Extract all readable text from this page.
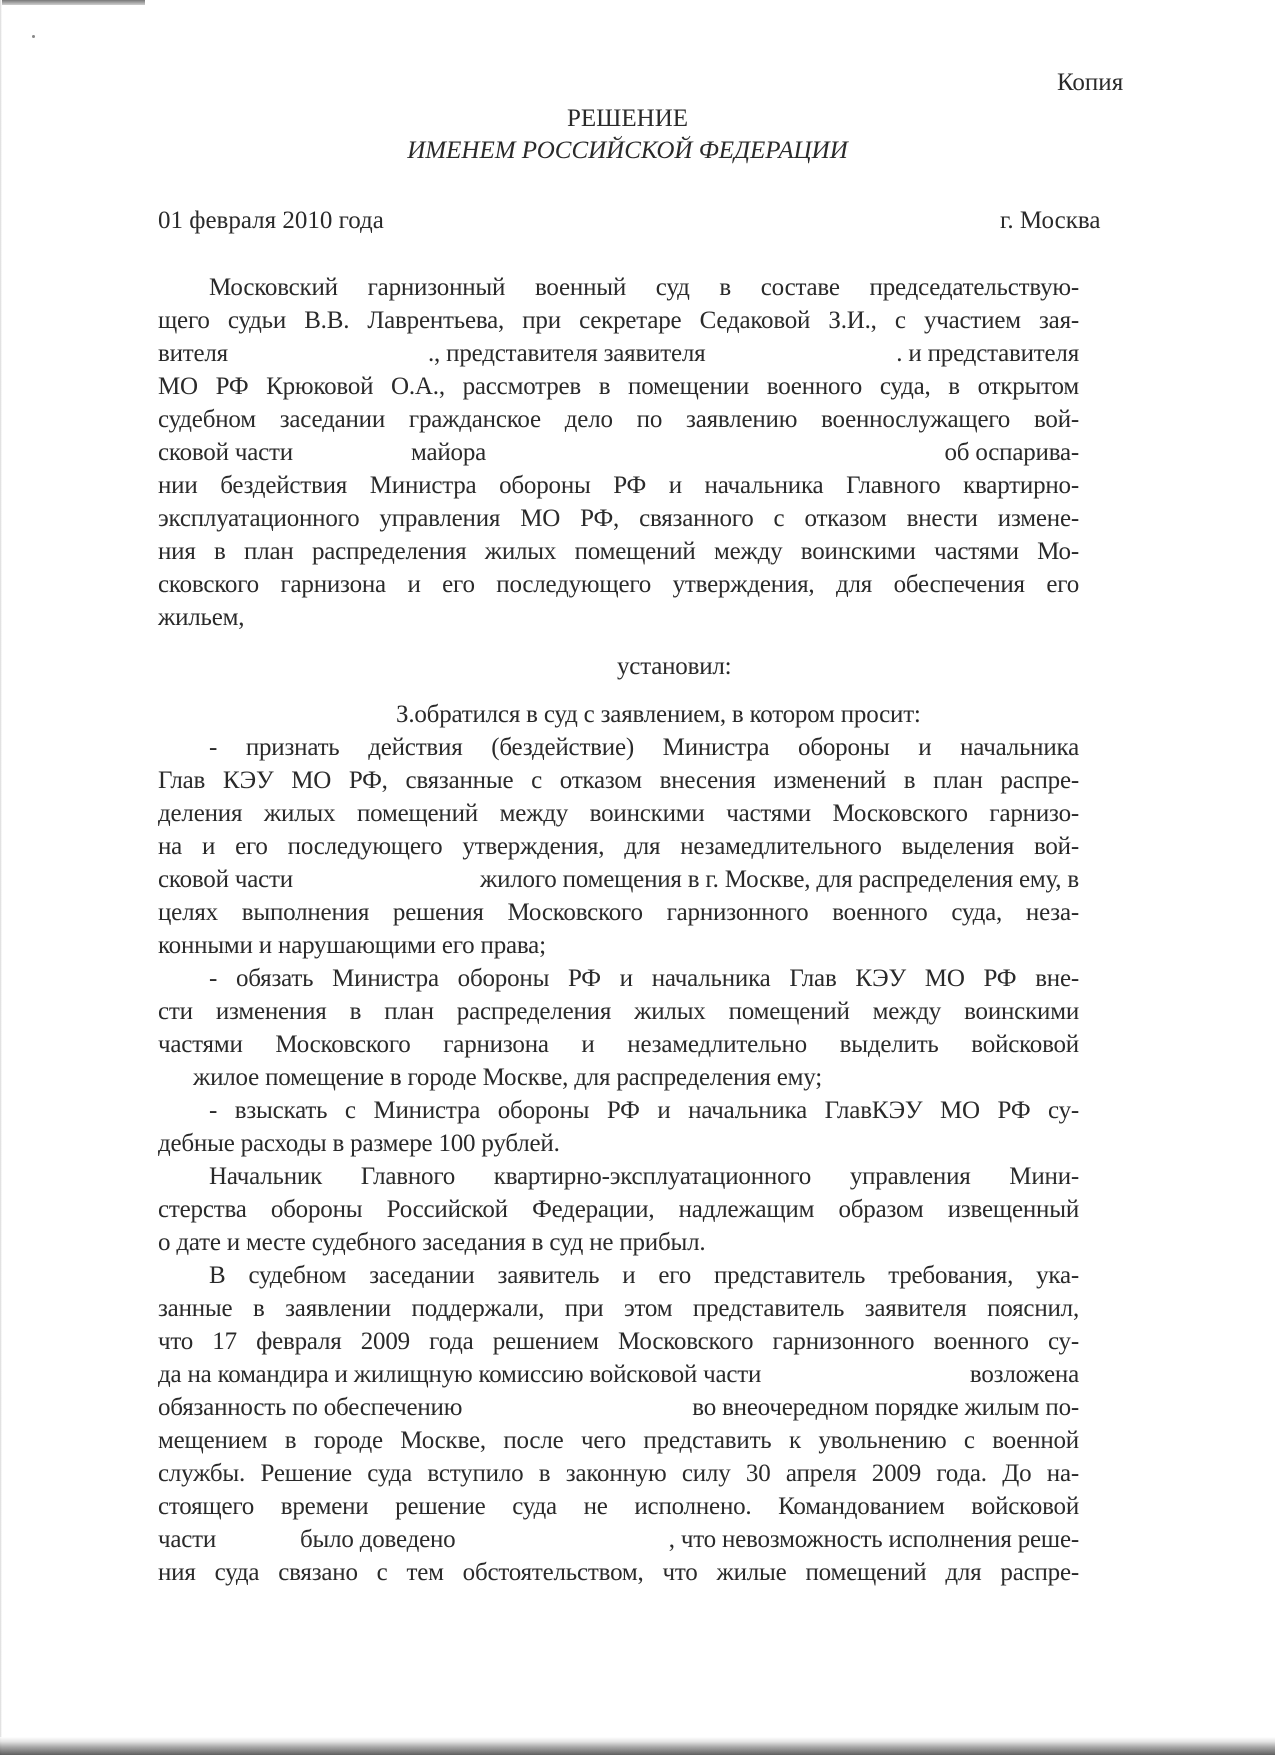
Копия
РЕШЕНИЕ
ИМЕНЕМ РОССИЙСКОЙ ФЕДЕРАЦИИ
01 февраля 2010 года	г. Москва
Московский гарнизонный военный суд в составе председательствую-
щего судьи В.В. Лаврентьева, при секретаре Седаковой З.И., с участием зая-
вителя	​., представителя заявителя	. и представителя
МО РФ Крюковой О.А., рассмотрев в помещении военного суда, в открытом
судебном заседании гражданское дело по заявлению военнослужащего вой-
сковой части	майора	об оспарива-
нии бездействия Министра обороны РФ и начальника Главного квартирно-
эксплуатационного управления МО РФ, связанного с отказом внести измене-
ния в план распределения жилых помещений между воинскими частями Мо-
сковского гарнизона и его последующего утверждения, для обеспечения его
жильем,
установил:
З.обратился в суд с заявлением, в котором просит:
- признать действия (бездействие) Министра обороны и начальника
Глав КЭУ МО РФ, связанные с отказом внесения изменений в план распре-
деления жилых помещений между воинскими частями Московского гарнизо-
на и его последующего утверждения, для незамедлительного выделения вой-
сковой части	жилого помещения в г. Москве, для распределения ему, в
целях выполнения решения Московского гарнизонного военного суда, неза-
конными и нарушающими его права;
- обязать Министра обороны РФ и начальника Глав КЭУ МО РФ вне-
сти изменения в план распределения жилых помещений между воинскими
частями Московского гарнизона и незамедлительно выделить войсковой
жилое помещение в городе Москве, для распределения ему;
- взыскать с Министра обороны РФ и начальника ГлавКЭУ МО РФ су-
дебные расходы в размере 100 рублей.
Начальник Главного квартирно-эксплуатационного управления Мини-
стерства обороны Российской Федерации, надлежащим образом извещенный
о дате и месте судебного заседания в суд не прибыл.
В судебном заседании заявитель и его представитель требования, ука-
занные в заявлении поддержали, при этом представитель заявителя пояснил,
что 17 февраля 2009 года решением Московского гарнизонного военного су-
да на командира и жилищную комиссию войсковой части	возложена
обязанность по обеспечению	во внеочередном порядке жилым по-
мещением в городе Москве, после чего представить к увольнению с военной
службы. Решение суда вступило в законную силу 30 апреля 2009 года. До на-
стоящего времени решение суда не исполнено. Командованием войсковой
части	было доведено	, что невозможность исполнения реше-
ния суда связано с тем обстоятельством, что жилые помещений для распре-
